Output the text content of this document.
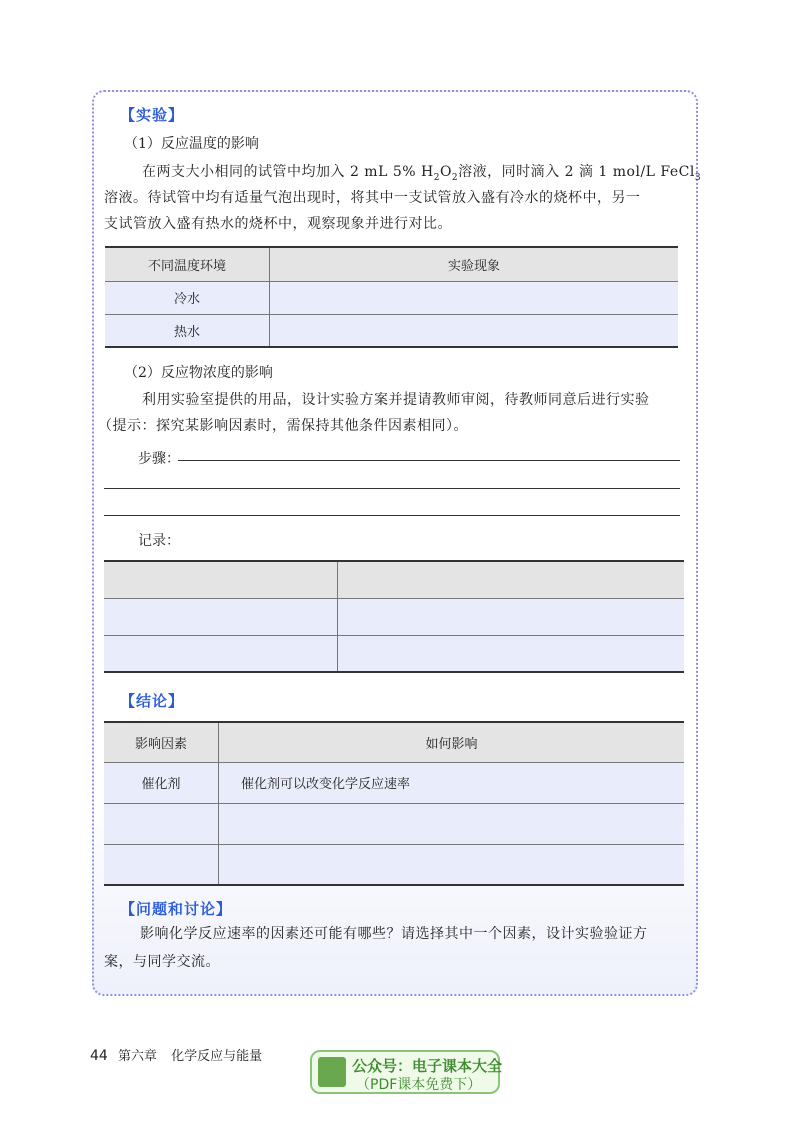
【实验】
（1）反应温度的影响
在两支大小相同的试管中均加入 2 mL 5% $H_2O_2$溶液，同时滴入 2 滴 1 mol/L FeCl$_3$
溶液。待试管中均有适量气泡出现时，将其中一支试管放入盛有冷水的烧杯中，另一
支试管放入盛有热水的烧杯中，观察现象并进行对比。
不同温度环境	实验现象
冷水	
热水	
（2）反应物浓度的影响
利用实验室提供的用品，设计实验方案并提请教师审阅，待教师同意后进行实验
（提示：探究某影响因素时，需保持其他条件因素相同）。
步骤：
记录：

【结论】
影响因素	如何影响
催化剂	催化剂可以改变化学反应速率

【问题和讨论】
影响化学反应速率的因素还可能有哪些？请选择其中一个因素，设计实验验证方
案，与同学交流。
44 第六章 化学反应与能量
公众号：电子课本大全
（PDF课本免费下）
